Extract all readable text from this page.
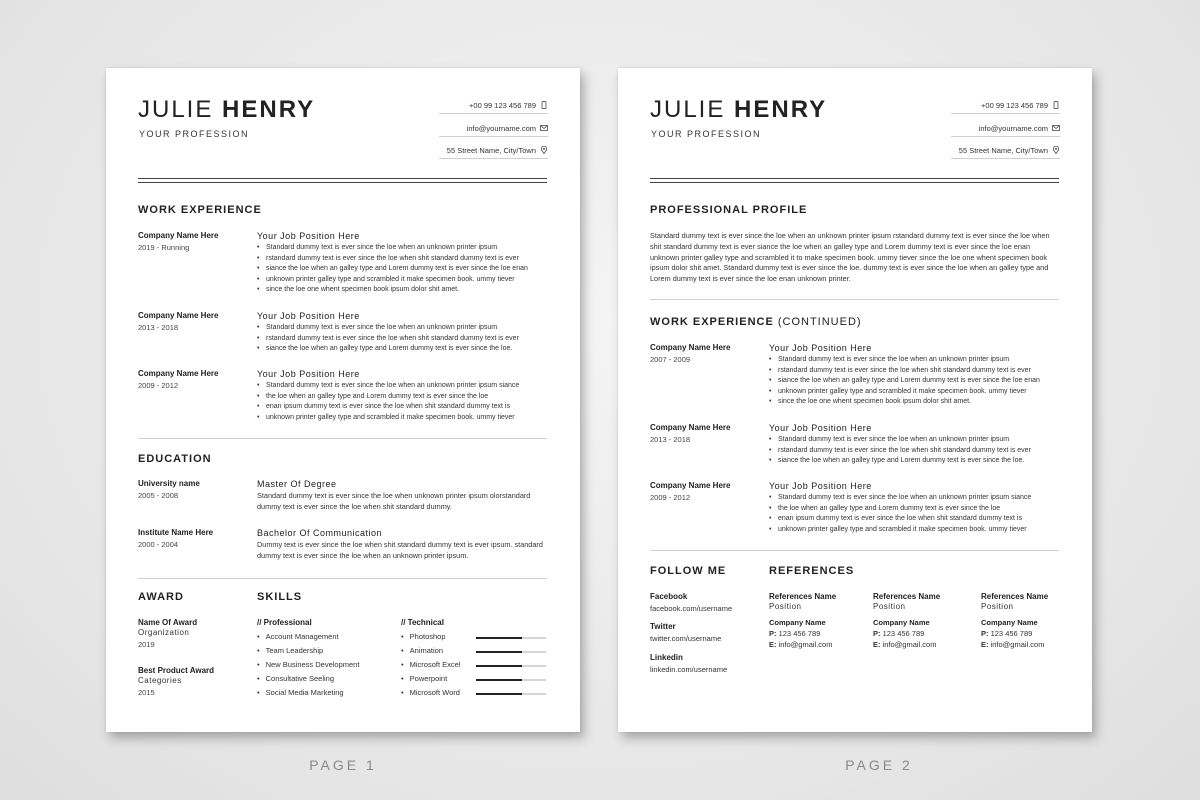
JULIE HENRY
YOUR PROFESSION
+00 99 123 456 789
info@yourname.com
55 Street Name, City/Town
WORK EXPERIENCE
Company Name Here
2019 - Running
Your Job Position Here
• Standard dummy text is ever since the loe when an unknown printer ipsum
• rstandard dummy text is ever since the loe when shit standard dummy text is ever
• siance the loe when an galley type and Lorem dummy text is ever since the loe enan
• unknown printer galley type and scrambled it make specimen book. ummy tiever
• since the loe one whent specimen book ipsum dolor shit amet.
Company Name Here
2013 - 2018
Your Job Position Here
• Standard dummy text is ever since the loe when an unknown printer ipsum
• rstandard dummy text is ever since the loe when shit standard dummy text is ever
• siance the loe when an galley type and Lorem dummy text is ever since the loe.
Company Name Here
2009 - 2012
Your Job Position Here
• Standard dummy text is ever since the loe when an unknown printer ipsum siance
• the loe when an galley type and Lorem dummy text is ever since the loe
• enan ipsum dummy text is ever since the loe when shit standard dummy text is
• unknown printer galley type and scrambled it make specimen book. ummy tiever
EDUCATION
University name
2005 - 2008
Master Of Degree
Standard dummy text is ever since the loe when unknown printer ipsum olorstandard dummy text is ever since the loe when shit standard dummy.
Institute Name Here
2000 - 2004
Bachelor Of Communication
Dummy text is ever since the loe when shit standard dummy text is ever ipsum. standard dummy text is ever since the loe when an unknown printer ipsum.
AWARD
Name Of Award
Organization
2019
Best Product Award
Categories
2015
SKILLS
// Professional
• Account Management
• Team Leadership
• New Business Development
• Consultative Seeling
• Social Media Marketing
// Technical
• Photoshop
• Animation
• Microsoft Excel
• Powerpoint
• Microsoft Word
JULIE HENRY
YOUR PROFESSION
+00 99 123 456 789
info@yourname.com
55 Street Name, City/Town
PROFESSIONAL PROFILE
Standard dummy text is ever since the loe when an unknown printer ipsum rstandard dummy text is ever since the loe when shit standard dummy text is ever siance the loe when an galley type and Lorem dummy text is ever since the loe enan unknown printer galley type and scrambled it to make specimen book. ummy tiever since the loe one whent specimen book ipsum dolor shit amet. Standard dummy text is ever since the loe. dummy text is ever since the loe when an galley type and Lorem dummy text is ever since the loe enan unknown printer.
WORK EXPERIENCE (CONTINUED)
Company Name Here
2007 - 2009
Your Job Position Here
• Standard dummy text is ever since the loe when an unknown printer ipsum
• rstandard dummy text is ever since the loe when shit standard dummy text is ever
• siance the loe when an galley type and Lorem dummy text is ever since the loe enan
• unknown printer galley type and scrambled it make specimen book. ummy tiever
• since the loe one whent specimen book ipsum dolor shit amet.
Company Name Here
2013 - 2018
Your Job Position Here
• Standard dummy text is ever since the loe when an unknown printer ipsum
• rstandard dummy text is ever since the loe when shit standard dummy text is ever
• siance the loe when an galley type and Lorem dummy text is ever since the loe.
Company Name Here
2009 - 2012
Your Job Position Here
• Standard dummy text is ever since the loe when an unknown printer ipsum siance
• the loe when an galley type and Lorem dummy text is ever since the loe
• enan ipsum dummy text is ever since the loe when shit standard dummy text is
• unknown printer galley type and scrambled it make specimen book. ummy tiever
FOLLOW ME
Facebook
facebook.com/username
Twitter
twitter.com/username
Linkedin
linkedin.com/username
REFERENCES
References Name
Position
Company Name
P: 123 456 789
E: info@gmail.com
References Name
Position
Company Name
P: 123 456 789
E: info@gmail.com
References Name
Position
Company Name
P: 123 456 789
E: info@gmail.com
PAGE 1	PAGE 2
